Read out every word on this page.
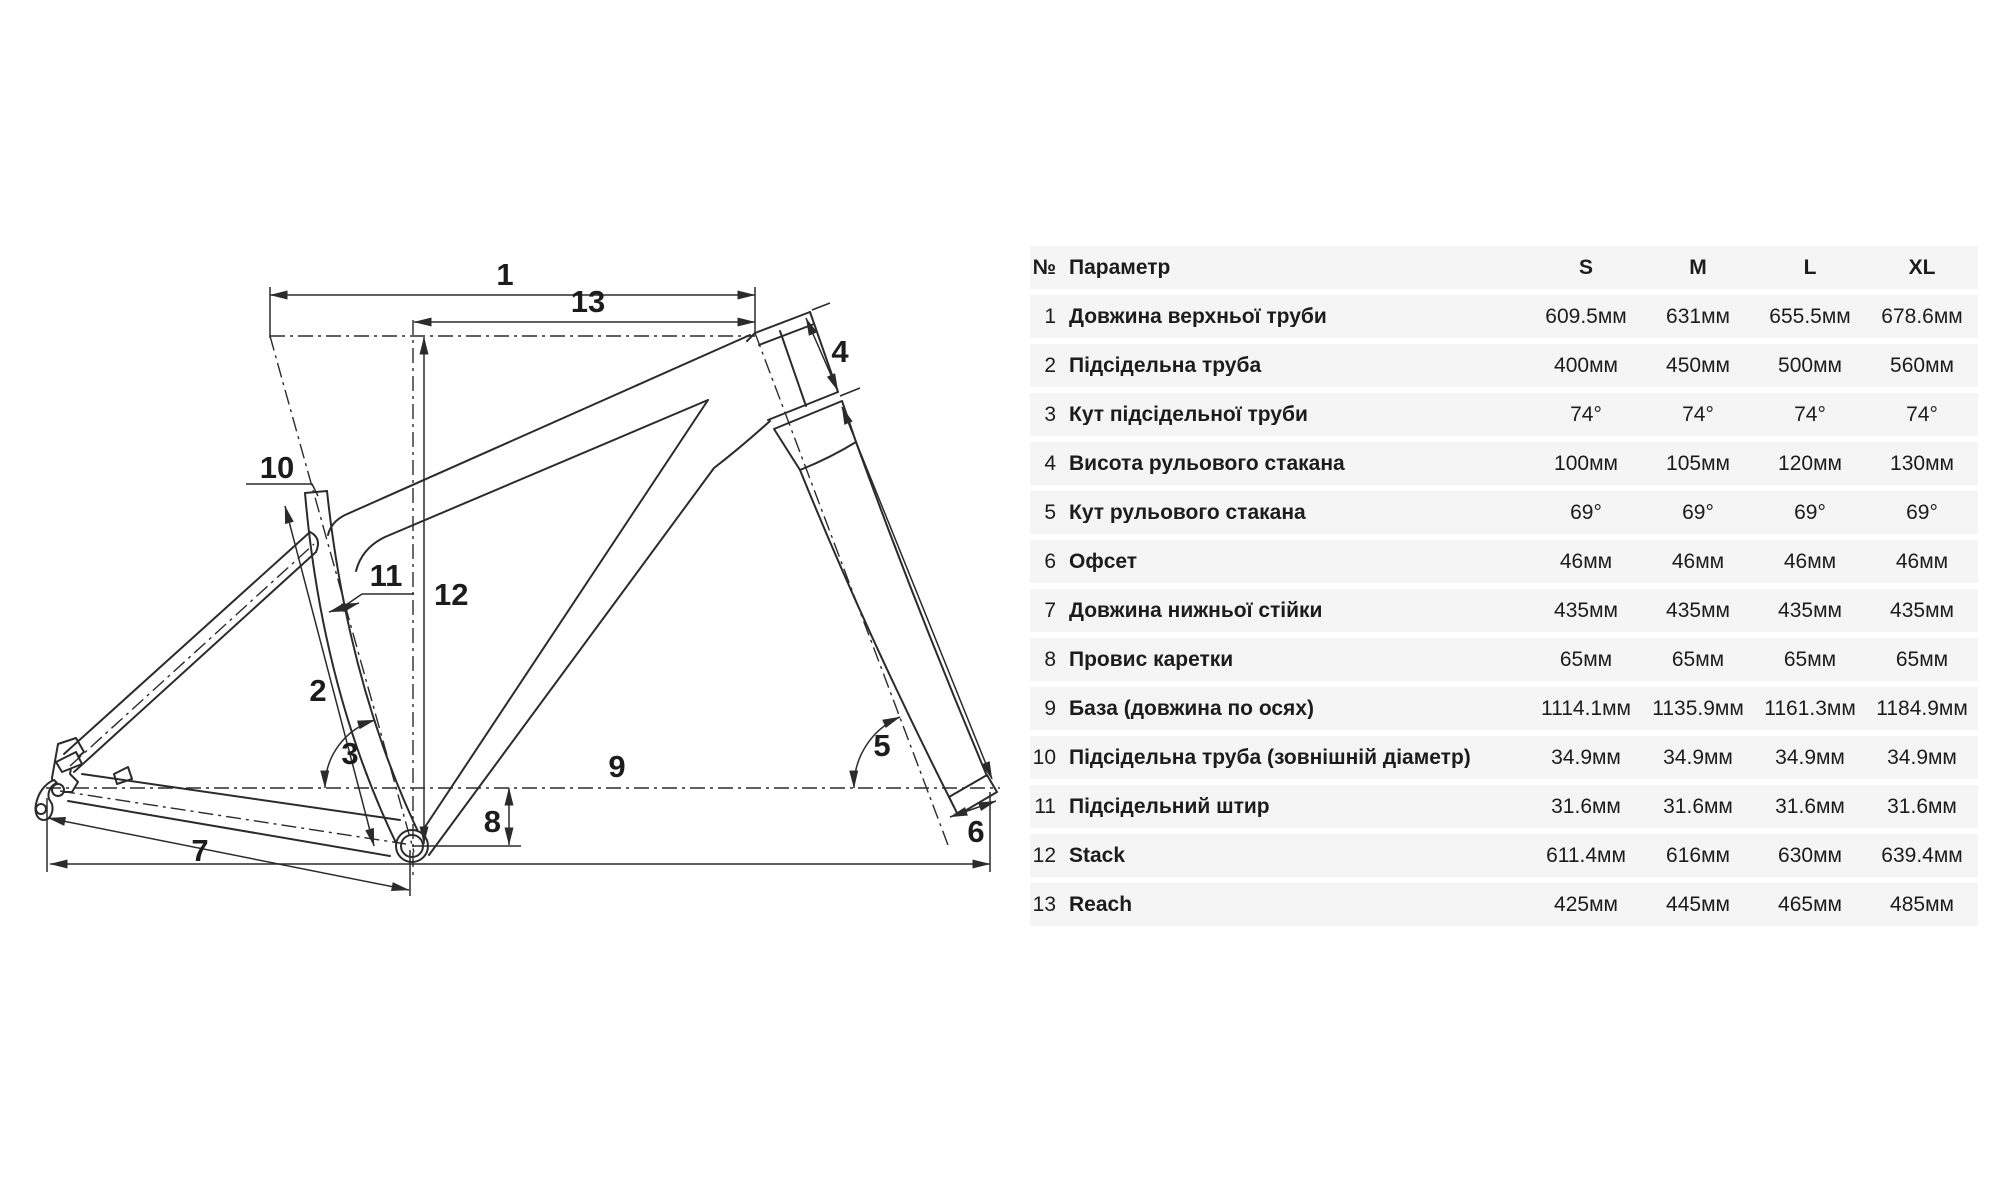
1
13
4
10
11
12
2
3	5
9
8	6
7
№ Параметр	S	M	L	XL
1 Довжина верхньої труби	609.5мм	631мм	655.5мм	678.6мм
2 Підсідельна труба	400мм	450мм	500мм	560мм
3 Кут підсідельної труби	74°	74°	74°	74°
4 Висота рульового стакана	100мм	105мм	120мм	130мм
5 Кут рульового стакана	69°	69°	69°	69°
6 Офсет	46мм	46мм	46мм	46мм
7 Довжина нижньої стійки	435мм	435мм	435мм	435мм
8 Провис каретки	65мм	65мм	65мм	65мм
9 База (довжина по осях)	1114.1мм	1135.9мм 1161.3мм 1184.9мм
10 Підсідельна труба (зовнішній діаметр)	34.9мм	34.9мм	34.9мм	34.9мм
11 Підсідельний штир	31.6мм	31.6мм	31.6мм	31.6мм
12 Stack	611.4мм	616мм	630мм	639.4мм
13 Reach	425мм	445мм	465мм	485мм
